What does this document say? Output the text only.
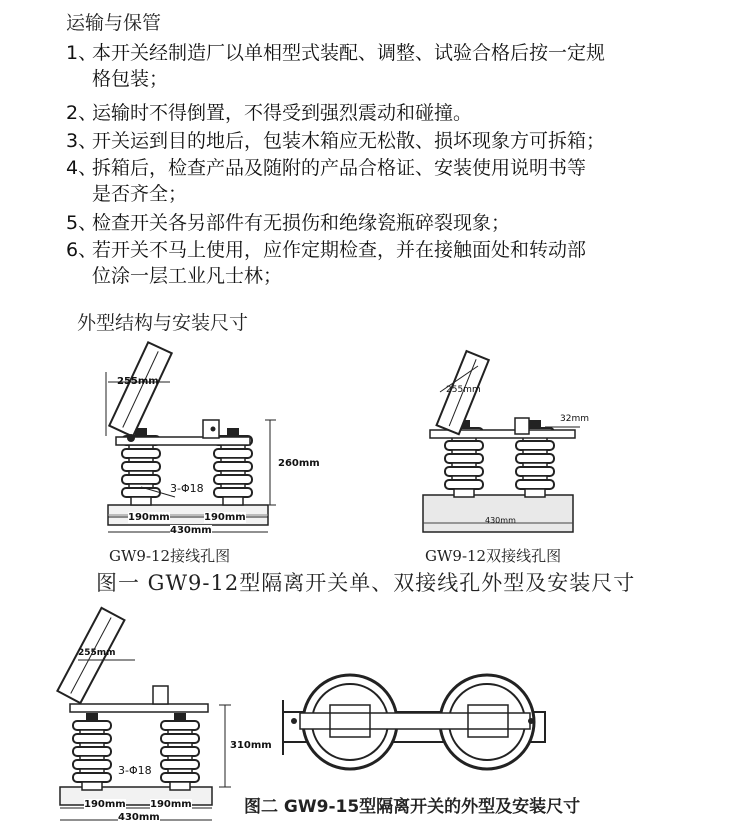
运输与保管
1、本开关经制造厂以单相型式装配、调整、试验合格后按一定规
格包装；
2、运输时不得倒置，不得受到强烈震动和碰撞。
3、开关运到目的地后，包装木箱应无松散、损坏现象方可拆箱；
4、拆箱后，检查产品及随附的产品合格证、安装使用说明书等
是否齐全；
5、检查开关各另部件有无损伤和绝缘瓷瓶碎裂现象；
6、若开关不马上使用，应作定期检查，并在接触面处和转动部
位涂一层工业凡士林；
外型结构与安装尺寸
255mm
260mm
3-Φ18
190mm	190mm
430mm
255mm
32mm
430mm
GW9-12接线孔图	GW9-12双接线孔图
图一 GW9-12型隔离开关单、双接线孔外型及安装尺寸
255mm
310mm
3-Φ18
190mm 190mm
430mm
图二 GW9-15型隔离开关的外型及安装尺寸
